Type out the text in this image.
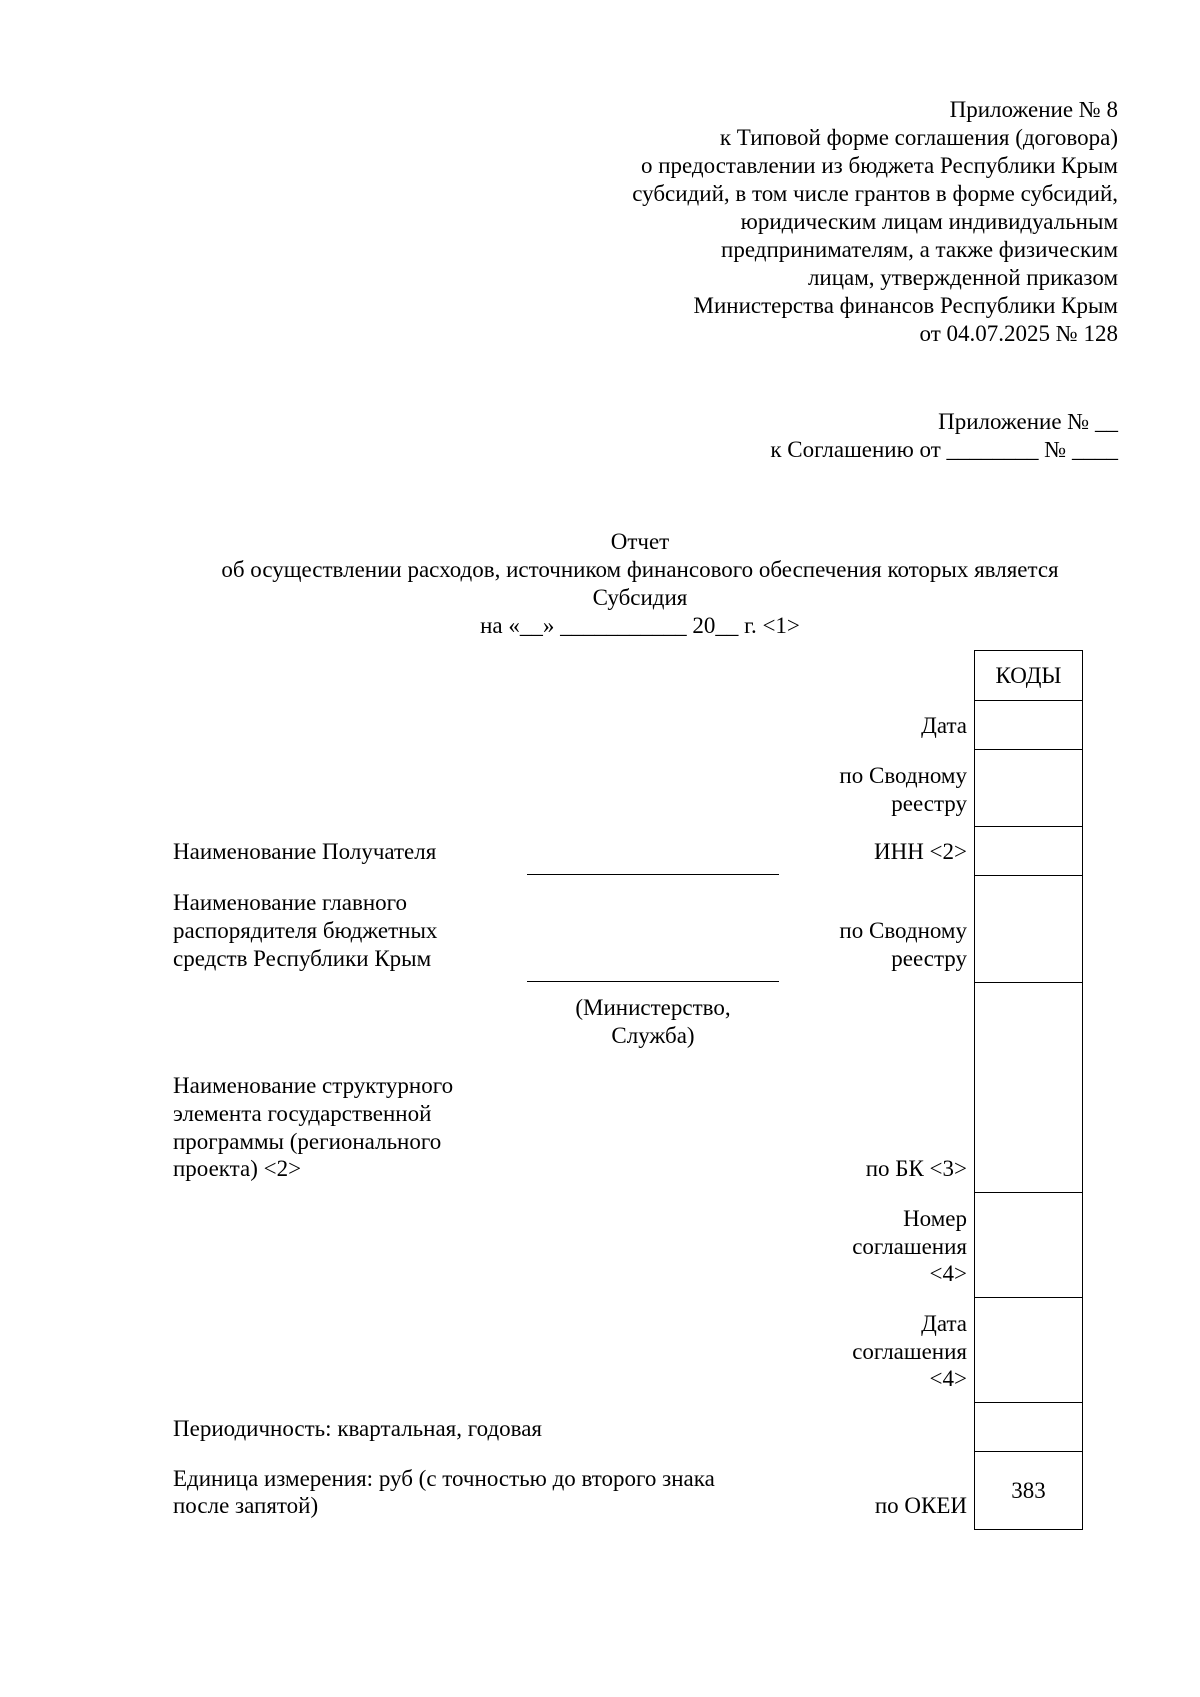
Приложение № 8
к Типовой форме соглашения (договора)
о предоставлении из бюджета Республики Крым
субсидий, в том числе грантов в форме субсидий,
юридическим лицам индивидуальным
предпринимателям, а также физическим
лицам, утвержденной приказом
Министерства финансов Республики Крым
от 04.07.2025 № 128
Приложение № __
к Соглашению от ________ № ____
Отчет
об осуществлении расходов, источником финансового обеспечения которых является
Субсидия
на «__» ___________ 20__ г. <1>
КОДЫ
383
Дата
по Сводному
реестру
ИНН <2>
по Сводному
реестру
по БК <3>
Номер
соглашения
<4>
Дата
соглашения
<4>
по ОКЕИ
Наименование Получателя
Наименование главного
распорядителя бюджетных
средств Республики Крым
(Министерство,
Служба)
Наименование структурного
элемента государственной
программы (регионального
проекта) <2>
Периодичность: квартальная, годовая
Единица измерения: руб (с точностью до второго знака
после запятой)
